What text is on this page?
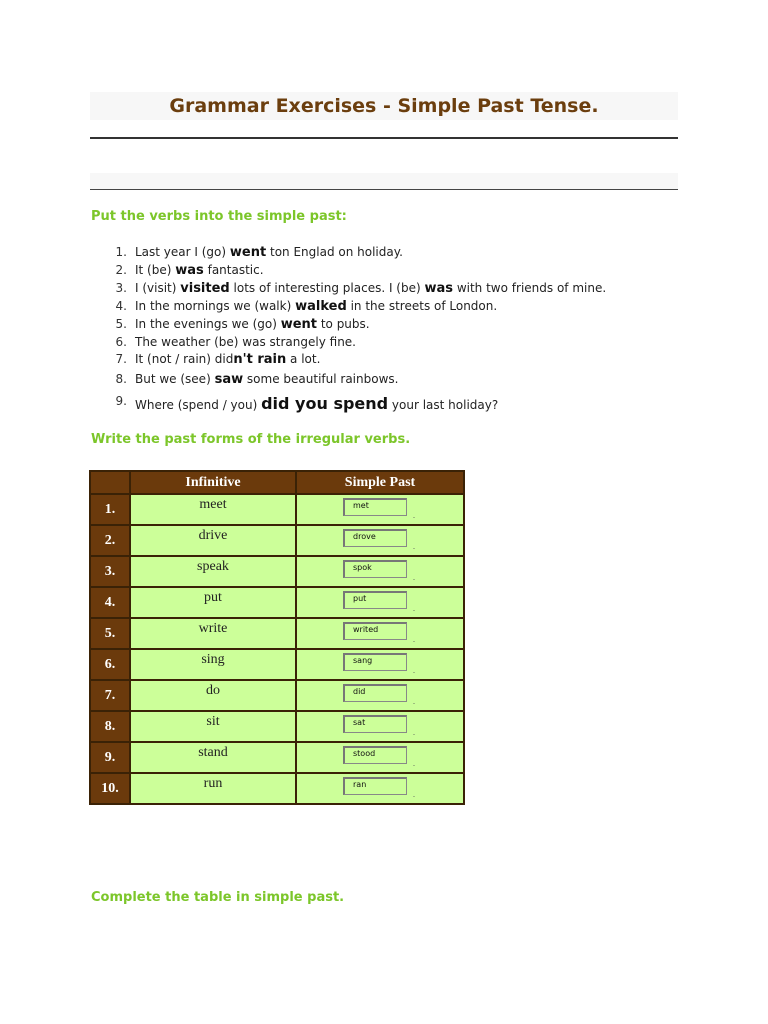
Grammar Exercises - Simple Past Tense.
Put the verbs into the simple past:
1. Last year I (go) went ton Englad on holiday.
2. It (be) was fantastic.
3. I (visit) visited lots of interesting places. I (be) was with two friends of mine.
4. In the mornings we (walk) walked in the streets of London.
5. In the evenings we (go) went to pubs.
6. The weather (be) was strangely fine.
7. It (not / rain) didn't rain a lot.
8. But we (see) saw some beautiful rainbows.
9. Where (spend / you) did you spend your last holiday?
Write the past forms of the irregular verbs.
	Infinitive	Simple Past
1.	meet	met
.

2.	drive	drove
.

3.	speak	spok
.

4.	put	put
.

5.	write	writed
.

6.	sing	sang
.

7.	do	did
.

8.	sit	sat
.

9.	stand	stood
.

10.	run	ran
.
Complete the table in simple past.
